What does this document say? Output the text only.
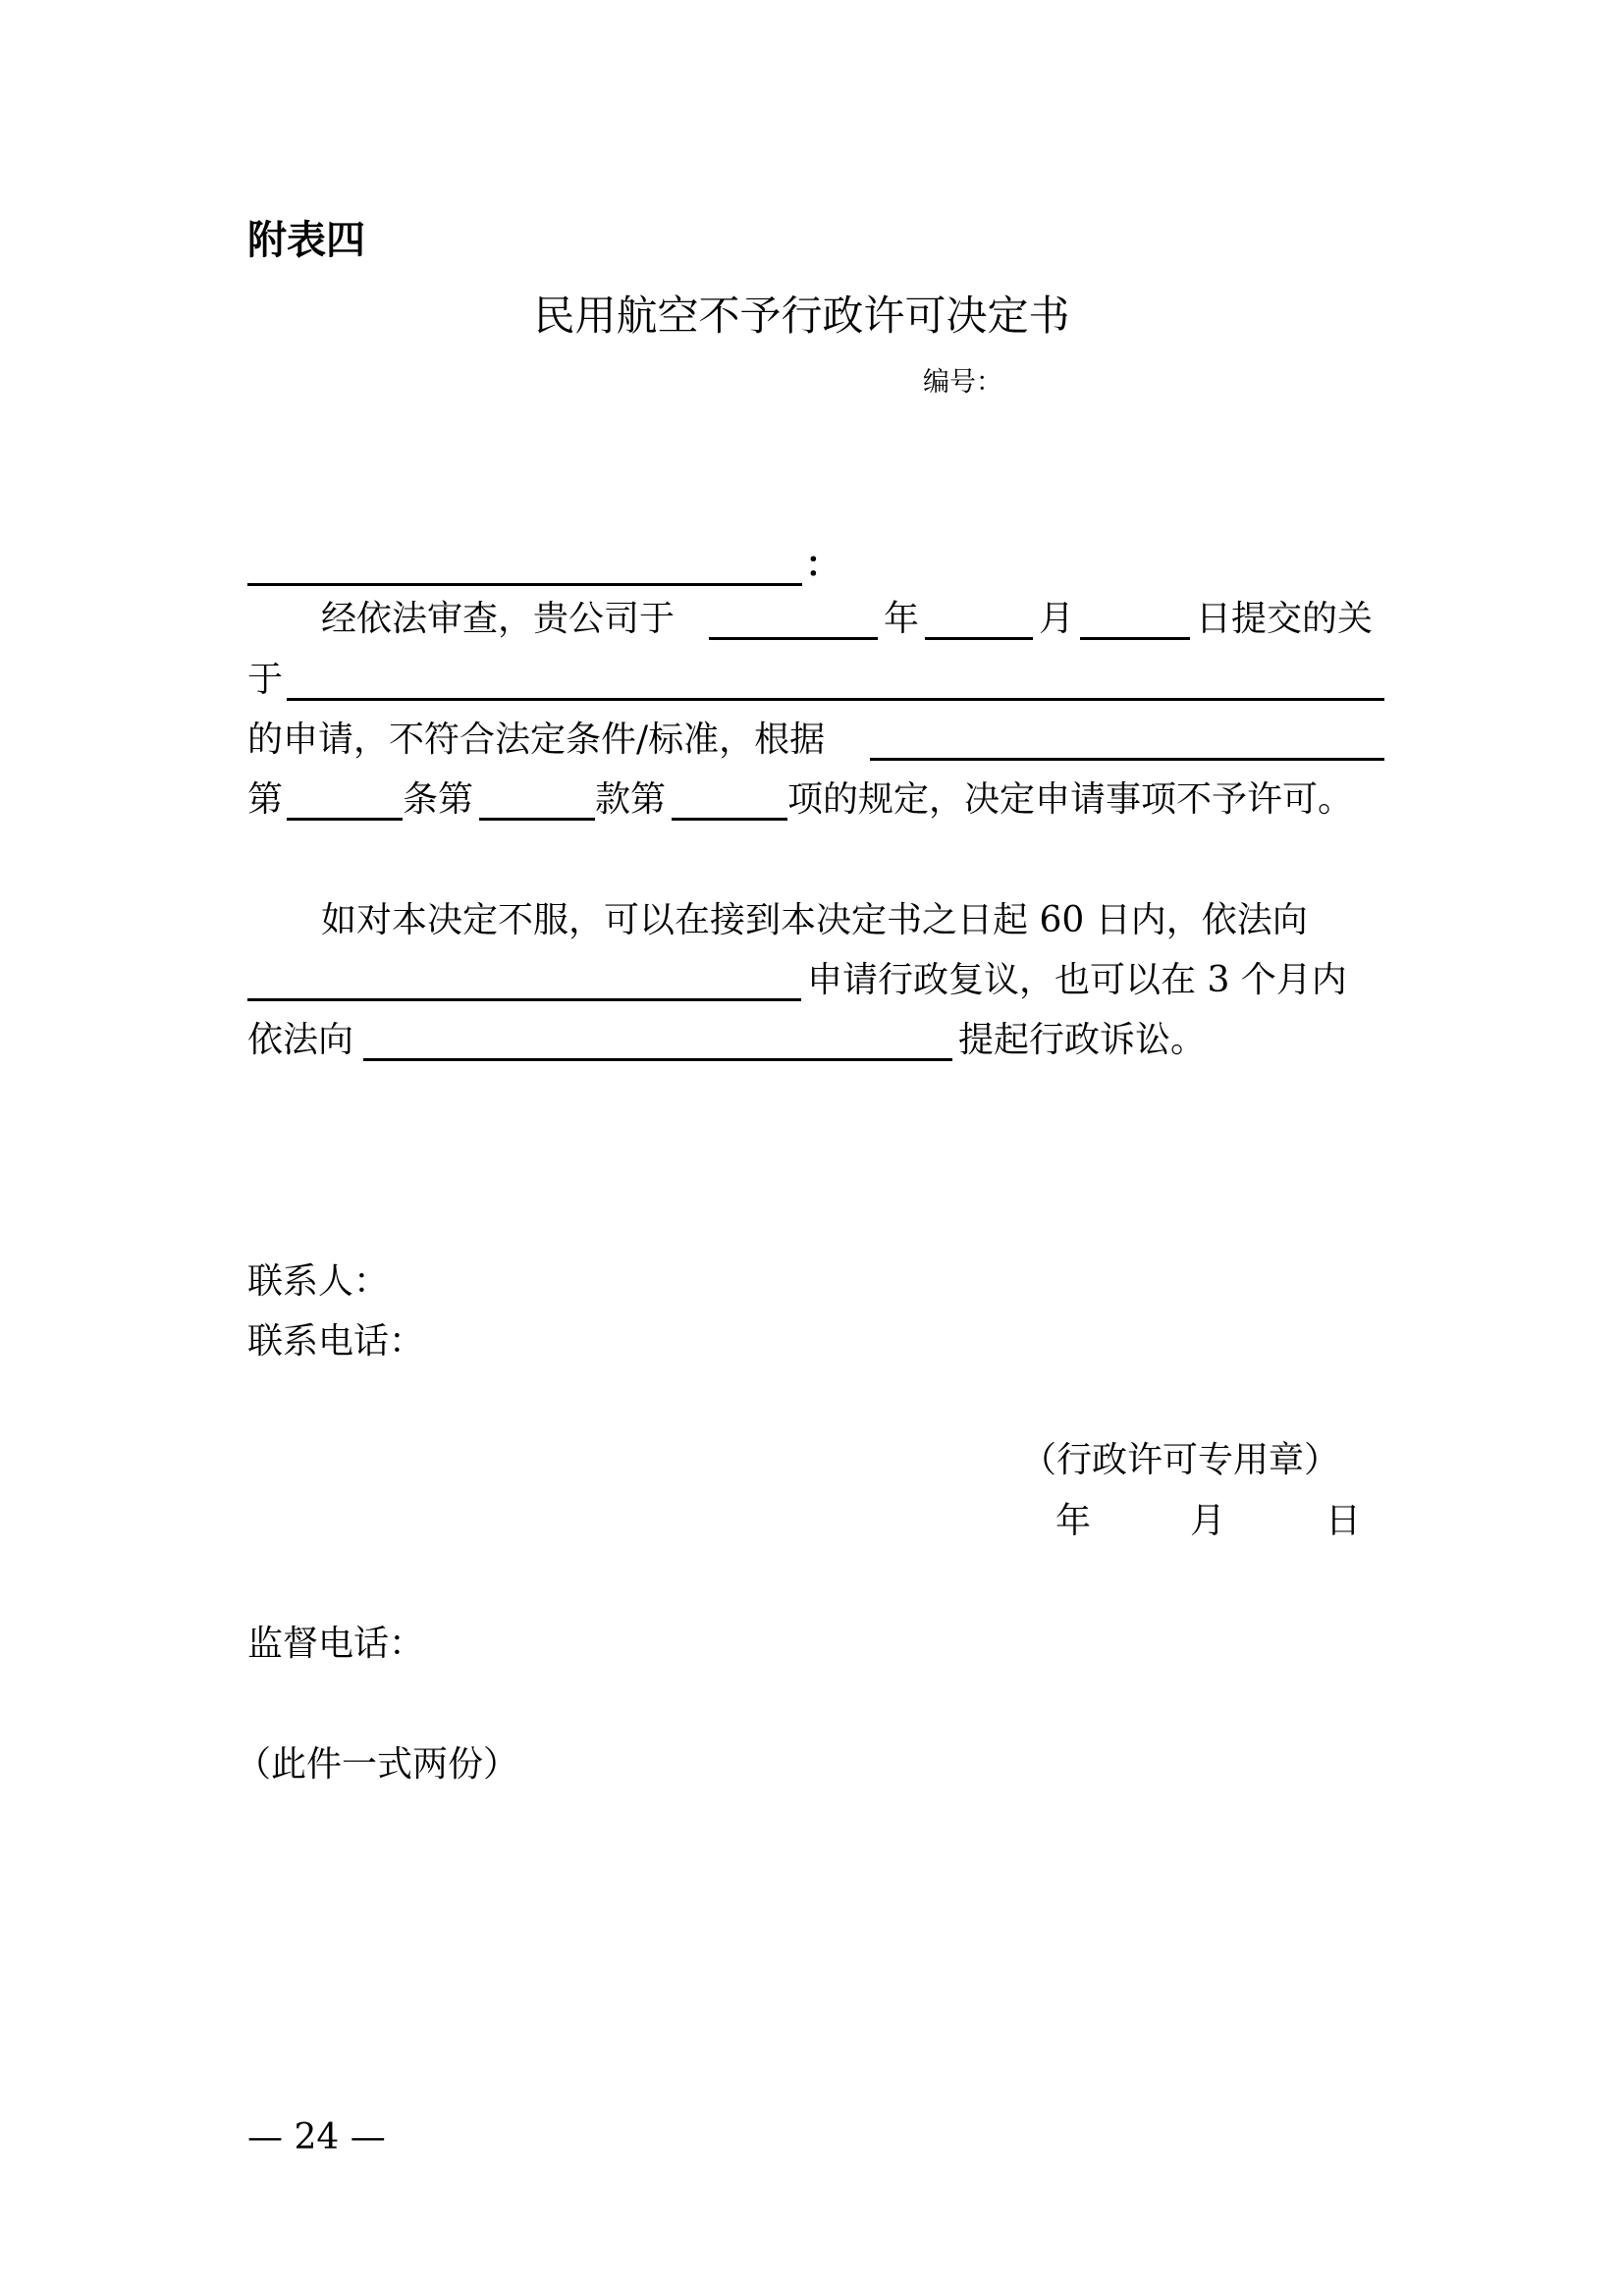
附表四
民用航空不予行政许可决定书
编号：
：
经依法审查，贵公司于	年	月	日提交的关
于
的申请，不符合法定条件/标准，根据
第	条第	款第	项的规定，决定申请事项不予许可。
如对本决定不服，可以在接到本决定书之日起 60 日内，依法向
申请行政复议，也可以在 3 个月内
依法向	提起行政诉讼。
联系人：
联系电话：
（行政许可专用章）
年	月	日
监督电话：
（此件一式两份）
— 24 —
